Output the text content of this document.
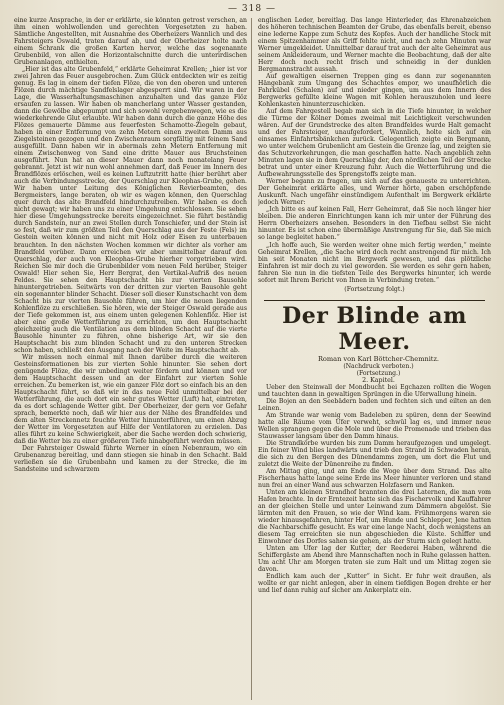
— 318 —

eine kurze Ansprache, in der er erklärte, sie könnten getrost verschen, an ihm einen wohlwollenden und gerechten Vorgesetzten zu haben. Sämtliche Angestellten, mit Ausnahme des Oberheizers Wannlich und des Fahrsteigers Oswald, traten darauf ab, und der Oberheizer holte nach einem Schrank die großen Karten hervor, welche das sogenannte Grubenbild, von allen die Horizontalschnitte durch die unterirdischen Grubenanlagen, enthielten.

„Hier ist das alte Grubenfeld,“ erklärte Geheimrat Krellen; „hier ist vor zwei Jahren das Feuer ausgebrochen. Zum Glück entdeckten wir es zeitig genug. Es lag in einem der tiefen Flöze, die von den oberen und unteren Flözen durch mächtige Sandfelslager abgesperrt sind. Wir waren in der Lage, die Wasserhaltungsmaschinen anzuhalten und das ganze Flöz ersaufen zu lassen. Wir haben ob mancherlang unter Wasser gestanden, dann die Gewölbe abgepumpt und sich sowohl vergebenwegen, wie es die wiederkehrende Glut erlaubte. Wir haben dann durch die ganze Höhe des Flözes gemauerte Dämme aus feuerfesten Schamotte-Ziegeln gebaut, haben in einer Entfernung von zehn Metern einen zweiten Damm aus Ziegelsteinen gezogen und den Zwischenraum sorgfältig mit feinem Sand ausgefüllt. Dann haben wir in abermals zehn Metern Entfernung mit einem Zwischenweg von Sand eine dritte Mauer aus Bruchsteinen ausgeführt. Nun hat an dieser Mauer dann noch monatelang Feuer gebrannt. Jetzt ist wir nun wohl annehmen darf, daß Feuer im Innern des Brandflözes erlöschen, weil es keinen Luftzutritt hatte (hier berührt aber auch die Verbindungsstrecke, der Querschlag zur Kleophas-Grube, gehen. Wir haben unter Leitung des Königlichen Revierbeamten, des Bergmeisters, lange beraten, ob wir es wagen können, den Querschlag quer durch das alte Brandfeld hindurchzutreiben. Wir haben es doch nicht gewagt; wir haben uns zu einer Umgehung entschlossen. Sie sehen hier diese Umgehungsstrecke bereits eingezeichnet. Sie führt beständig durch Sandstein, nur an zwei Stellen durch Tonschiefer, und der Stein ist so fest, daß wir zum größten Teil den Querschlag aus der Feste (Fels) im Gestein weiten können und nicht mit Holz oder Eisen zu unterbauen brauchten. In den nächsten Wochen kommen wir dichter als vorher am Brandfeld vorüber. Dann erreichen wir aber unmittelbar darauf den Querschlag, der auch von Kleophas-Grube hierher vorgetrieben wird. Reichen Sie mir doch die Grubenbilder vom neuen Feld herüber, Steiger Oswald! Hier sehen Sie, Herr Bergrat, den Vertikal-Aufriß des neuen Feldes. Sie sehen den Hauptschacht bis zur vierten Bausohle hinuntergetrieben. Seitwärts von der dritten zur vierten Bausohle geht ein sogenannter blinder Schacht. Dieser soll dieser Kunstschacht von dem Schacht bis zur vierten Bausohle führen, um hier die neuen liegenden Kohlenflöze zu erschließen. Sie hören, wie der Steiger Oswald gerade aus der Tiefe gekommen ist, aus einem unten gelegenen Kohlenflöz. Hier ist aber eine große Wetterführung zu errichten, um den Hauptschacht gleichzeitig auch die Ventilation aus dem blinden Schacht auf die vierte Bausohle hinunter zu führen, ohne bisherige Art, wir sie den Hauptschacht bis zum blinden Schacht und zu den unteren Strecken schon haben, schließt den Ausgang nach der Weite im Hauptschacht ab.

Wir müssen noch einmal mit Ihnen darüber durch die weiteren Gesteinsformationen bis zur vierten Sohle hinunter. Sie sehen dort genügende Flöze, die wir unbedingt weiter fördern und können und vor dem Hauptschacht dessen und an der Einfahrt zur vierten Sohle erreichen. Zu bemerken ist, wie ein ganzer Flöz dort so einfach bis an den Hauptschacht führt, so daß wir in das neue Feld unmittelbar bei der Wetterführung, die auch dort ein sehr gutes Wetter (Luft) hat, eintreten, da es dort schlagende Wetter gibt. Der Oberheizer, der gern vor Gefahr sprach, bemerkte noch, daß wir hier aus der Nähe des Brandfeldes und dem alten Streckennetz feuchte Wetter hinunterführen, um einen Abzug der Wetter im Vorgesetzten auf Hilfe der Ventilatoren zu erzielen. Das alles führt zu keine Schwierigkeit, aber die Sache werden doch schwierig, daß die Wetter bis zu einer größeren Tiefe hinabgeführt werden müssen.

Der Fahrsteiger Oswald führte Werner in einen Nebenraum, wo ein Grubenanzug bereitlag, und dann stiegen sie hinab in den Schacht. Bald verließen sie die Grubenbahn und kamen zu der Strecke, die im Sandsteine und schwarzem

englischen Leder, bereitlag. Das lange Hinterleder, das Ehrenabzeichen des höheren technischen Beamten der Grube, das ebenfalls bereit, ebenso eine lederne Kappe zum Schutz des Kopfes. Auch der handliche Stock mit einem Spitzenhammer als Griff fehlte nicht, und nach zehn Minuten war Werner umgekleidet. Unmittelbar darauf trat auch der alte Geheimrat aus seinem Ankleideraum, und Werner machte die Beobachtung, daß der alte Herr doch noch recht frisch und schneidig in der dunklen Bergmannstracht aussah.

Auf gewaltigen eisernen Treppen ging es dann zur sogenannten Hängebank zum Umgang des Schachtes empor, wo unaufhörlich die Fahrkübel (Schalen) auf und nieder gingen, um aus dem Innern des Bergwerks gefüllte kleine Wagen mit Kohlen herauszuholen und leere Kohlenkasten hinunterzuschicken.

Auf dem Fahrgestell begab man sich in die Tiefe hinunter, in welcher die Türme der Kölner Domes zweimal mit Leichtigkeit verschwunden wären. Auf der Grundstrecke des alten Brandfeldes wurde Halt gemacht und der Fahrsteiger, unaufgefordert, Wannlich, holte sich auf ein einsames Einfahrtsbänkchen zurück. Gelegentlich zeigte ein Bergmann, wo unter welchem Grubenlicht am Gestein die Grenze lag, und zeigten sie das Schutzvorkehrungen, die man geschaffen hatte. Nach angeblich zehn Minuten lagen sie in dem Querschlag der, den nördlichen Teil der Strecke betrat und unter einer Kreuzung fuhr. Auch die Wetterführung und die Aufbewahrungsstelle des Sprengstoffs zeigte man.

Werner begann zu fragen, um sich auf das genaueste zu unterrichten. Der Geheimrat erklärte alles, und Werner hörte, gaben erschöpfende Auskunft. Nach ungefähr einstündigem Aufenthalt im Bergwerk erklärte jedoch Werner:

„Ich bitte es auf keinen Fall, Herr Geheimrat, daß Sie noch länger hier bleiben. Die anderen Einrichtungen kann ich mir unter der Führung des Herrn Oberheizers ansehen. Besonders in den Tiefbau selbst Sie nicht hinunter. Es ist schon eine übermäßige Anstrengung für Sie, daß Sie mich so lange begleitet haben.“

„Ich hoffe auch, Sie werden weiter ohne mich fertig werden,“ meinte Geheimrat Krellen, „die Sache wird doch recht anstrengend für mich. Ich bin seit Monaten nicht im Bergwerk gewesen, und das plötzliche Einfahren ist mir doch zu viel geworden. Sie werden es sehr gern haben, fahren Sie nun in die tiefsten Teile des Bergwerks hinunter, ich werde sofort mit Ihrem Bericht von Ihnen in Verbindung treten.“

(Fortsetzung folgt.)

Der Blinde am Meer.

Roman von Karl Böttcher-Chemnitz.

(Nachdruck verboten.)

(Fortsetzung.)

2. Kapitel.

Ueber den Steinwall der Mondbucht bei Egchazen rollten die Wogen und tauchten dann in gewaltigen Sprüngen in die Uferwallung hinein.

Die Bojen an den Seebädern baden und fechten sich und eilten an den Leinen.

Am Strande war wenig vom Badeleben zu spüren, denn der Seewind hatte alle Räume vom Ufer verweht, schwül lag es, und immer neue Wellen sprangen gegen die Mole und über die Promenade und trieben das Stauwasser langsam über den Damm hinaus.

Die Strandkörbe wurden bis zum Damm heraufgezogen und umgelegt. Ein feiner Wind blies landwärts und trieb den Strand in Schwaden heran, die sich zu den Bergen des Dünendamms zogen, um dort die Flut und zuletzt die Weite der Dünenreihe zu finden.

Am Mittag ging, und am Ende die Woge über dem Strand. Das alte Fischerhaus hatte lange seine Erde ins Meer hinunter verloren und stand nun frei an einer Wand aus schwarzen Holzfasern und Ranken.

Unten am kleinen Strandhof brannten die drei Laternen, die man vom Hafen brachte. In der Erntezeit hatte sich das Fischervolk und Kauffahrer an der gleichen Stelle und unter Leinwand zum Dämmern abgelöst. Sie lärmten mit den Frauen, so wie der Wind kam. Frühmorgens waren sie wieder hinausgefahren, hinter Hof, um Hunde und Schlepper, Jene hatten die Nachbarschiffe gesucht. Es war eine lange Nacht, doch wenigstens an diesem Tag erreichten sie nun abgeschieden die Küste. Schiffer und Einwohner des Dorfes sahen sie gehen, als der Sturm sich gelegt hatte.

Unten am Ufer lag der Kutter, der Reederei Haben, während die Schiffergäste am Abend ihre Mannschaften noch in Ruhe gelassen hatten. Um acht Uhr am Morgen traten sie zum Halt und um Mittag zogen sie davon.

Endlich kam auch der „Kutter“ in Sicht. Er fuhr weit draußen, als wollte er gar nicht anlegen, aber in einem tiefdigen Bogen drehte er her und lief dann ruhig auf sicher am Ankerplatz ein.
